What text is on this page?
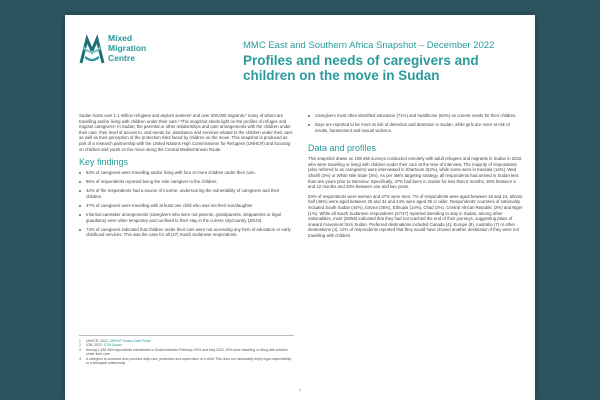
Mixed
Migration
Centre
MMC East and Southern Africa Snapshot – December 2022
Profiles and needs of caregivers and children on the move in Sudan

Sudan hosts over 1.1 million refugees and asylum seekers¹ and over 500,000 migrants,² many of whom are travelling and/or living with children under their care.³ This snapshot sheds light on the profiles of refugee and migrant caregivers⁴ in Sudan; the parental or other relationships and care arrangements with the children under their care; their level of access to, and needs for, assistance and services related to the children under their care; as well as their perception of the protection risks faced by children on the move. This snapshot is produced as part of a research partnership with the United Nations High Commissioner for Refugees (UNHCR) and focusing on children and youth on the move along the Central Mediterranean Route.

Key findings
63% of caregivers were travelling and/or living with four or more children under their care.
86% of respondents reported being the sole caregiver to the children.
42% of the respondents had a source of income, underscoring the vulnerability of caregivers and their children.
47% of caregivers were travelling with at least one child who was not their son/daughter.
Informal caretaker arrangements (caregivers who were not parents, grandparents, stepparents or legal guardians) were often temporary and confined to their stay in the current city/country (30/43).
73% of caregivers indicated that children under their care were not accessing any form of education or early childhood services. This was the case for all (47) South Sudanese respondents.
Caregivers most often identified education (71%) and healthcare (62%) as current needs for their children.
Boys are reported to be more at risk of detention and detention in Sudan, while girls are more at risk of insults, harassment and sexual violence.
Data and profiles

This snapshot draws on 108 4Mi surveys conducted remotely with adult refugees and migrants in Sudan in 2022, who were travelling or living with children under their care at the time of interview. The majority of respondents (also referred to as caregivers) were interviewed in Khartoum (62%), while some were in Kassala (14%), Wad Sharifi (3%) or White Nile State (3%). As per 4Mi's targeting strategy, all respondents had arrived in Sudan less than two years prior to interview. Specifically, 37% had been in Sudan for less than 6 months, 30% between 6 and 12 months and 33% between one and two years.

53% of respondents were women and 47% were men. 7% of respondents were aged between 18 and 24, almost half (46%) were aged between 25 and 34 and 44% were aged 35 or older. Respondents' countries of nationality included South Sudan (44%), Eritrea (36%), Ethiopia (14%), Chad (3%), Central African Republic (2%) and Niger (1%). While all South Sudanese respondents (47/47) reported intending to stay in Sudan, among other nationalities, most (28/59) indicated that they had not reached the end of their journeys, suggesting plans of onward movement from Sudan. Preferred destinations included Canada (4), Europe (8), Australia (7) or other destinations (4). 12% of respondents reported that they would have chosen another destination if they were not travelling with children.

1	UNHCR. 2022. UNHCR Sudan Data Portal
2	IOM. 2022. DTM Sudan
3	Among 1,498 4Mi respondents interviewed in Sudan between February 2021 and May 2022, 30% were travelling or living with children under their care.
4	A caregiver is someone who provides daily care, protection and supervision of a child. This does not necessarily imply legal responsibility or a biological relationship.
1
